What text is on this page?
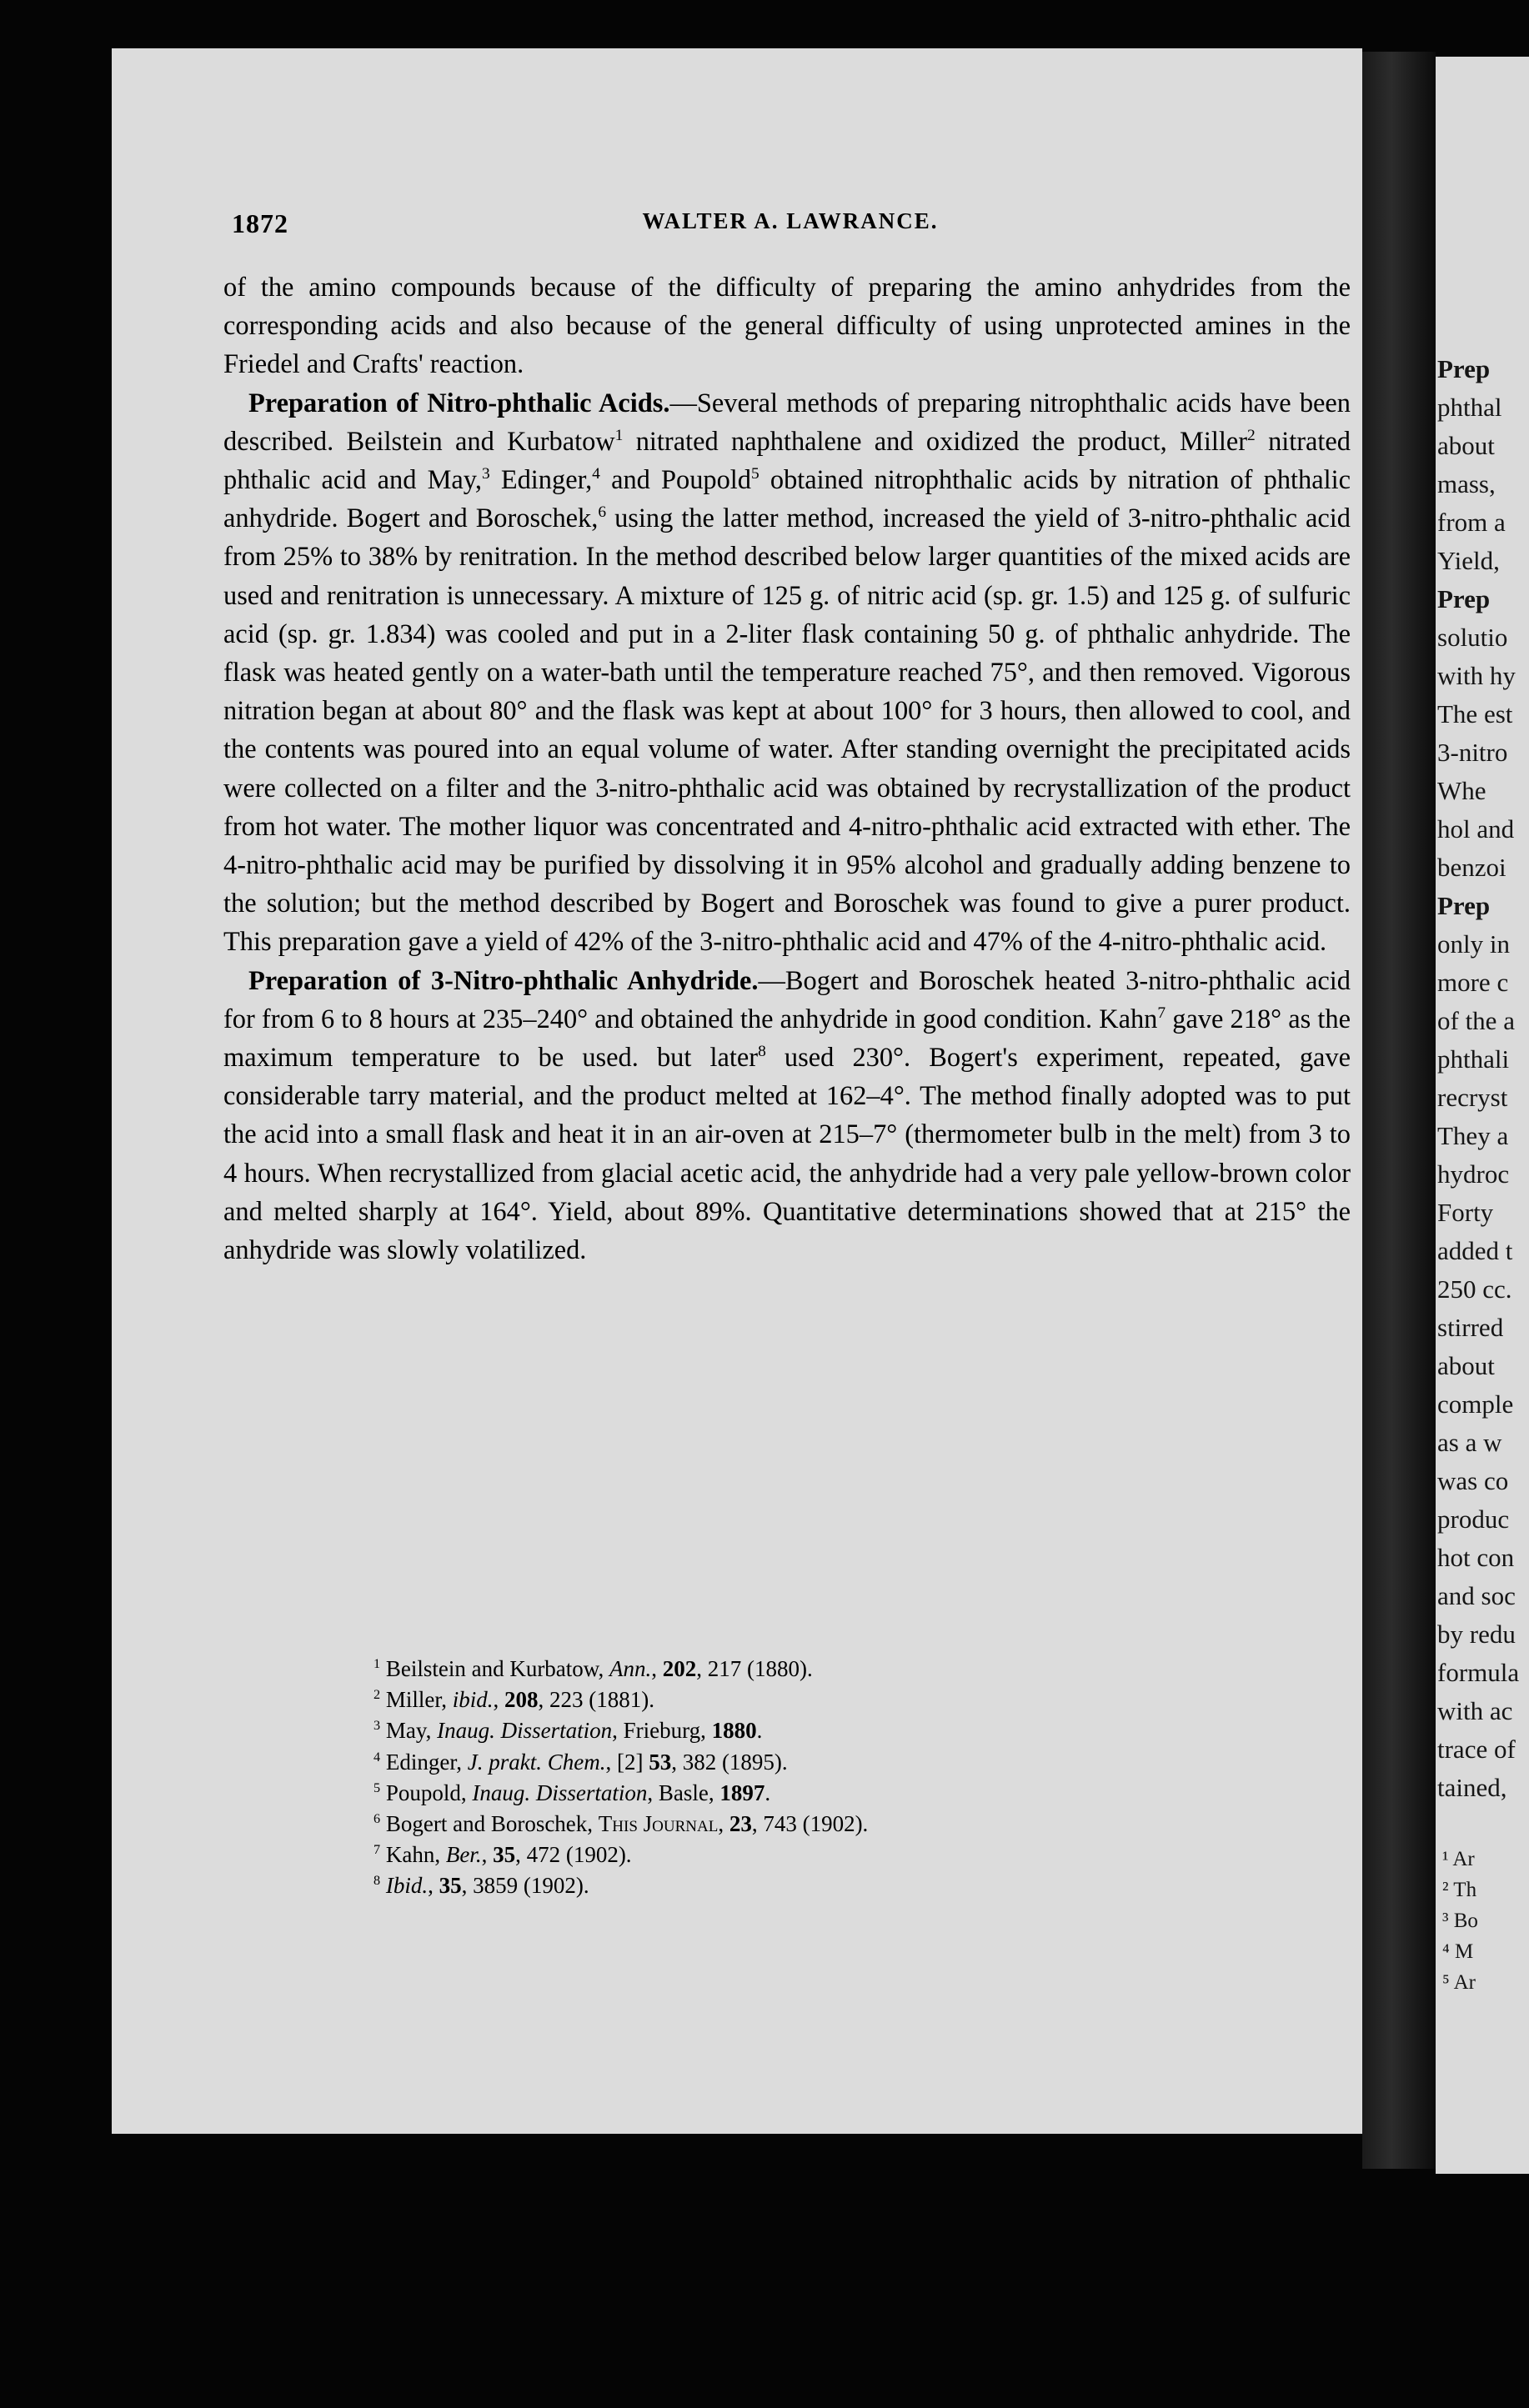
Prep
phthal
about
mass,
from a
Yield,
Prep
solutio
with hy
The est
3-nitro
Whe
hol and
benzoi
Prep
only in
more c
of the a
phthali
recryst
They a
hydroc
Forty
added t
250 cc.
stirred
about
comple
as a w
was co
produc
hot con
and soc
by redu
formula
with ac
trace of
tained,
¹ Ar
² Th
³ Bo
⁴ M
⁵ Ar
1872	WALTER A. LAWRANCE.

of the amino compounds because of the difficulty of preparing the amino anhydrides from the corresponding acids and also because of the general difficulty of using unprotected amines in the Friedel and Crafts' reaction.

Preparation of Nitro-phthalic Acids.—Several methods of preparing nitrophthalic acids have been described. Beilstein and Kurbatow$^1$ nitrated naphthalene and oxidized the product, Miller$^2$ nitrated phthalic acid and May,$^3$ Edinger,$^4$ and Poupold$^5$ obtained nitrophthalic acids by nitration of phthalic anhydride. Bogert and Boroschek,$^6$ using the latter method, increased the yield of 3-nitro-phthalic acid from 25% to 38% by renitration. In the method described below larger quantities of the mixed acids are used and renitration is unnecessary. A mixture of 125 g. of nitric acid (sp. gr. 1.5) and 125 g. of sulfuric acid (sp. gr. 1.834) was cooled and put in a 2-liter flask containing 50 g. of phthalic anhydride. The flask was heated gently on a water-bath until the temperature reached 75°, and then removed. Vigorous nitration began at about 80° and the flask was kept at about 100° for 3 hours, then allowed to cool, and the contents was poured into an equal volume of water. After standing overnight the precipitated acids were collected on a filter and the 3-nitro-phthalic acid was obtained by recrystallization of the product from hot water. The mother liquor was concentrated and 4-nitro-phthalic acid extracted with ether. The 4-nitro-phthalic acid may be purified by dissolving it in 95% alcohol and gradually adding benzene to the solution; but the method described by Bogert and Boroschek was found to give a purer product. This preparation gave a yield of 42% of the 3-nitro-phthalic acid and 47% of the 4-nitro-phthalic acid.

Preparation of 3-Nitro-phthalic Anhydride.—Bogert and Boroschek heated 3-nitro-phthalic acid for from 6 to 8 hours at 235–240° and obtained the anhydride in good condition. Kahn$^7$ gave 218° as the maximum temperature to be used. but later$^8$ used 230°. Bogert's experiment, repeated, gave considerable tarry material, and the product melted at 162–4°. The method finally adopted was to put the acid into a small flask and heat it in an air-oven at 215–7° (thermometer bulb in the melt) from 3 to 4 hours. When recrystallized from glacial acetic acid, the anhydride had a very pale yellow-brown color and melted sharply at 164°. Yield, about 89%. Quantitative determinations showed that at 215° the anhydride was slowly volatilized.

$^1$ Beilstein and Kurbatow, Ann., 202, 217 (1880).

$^2$ Miller, ibid., 208, 223 (1881).

$^3$ May, Inaug. Dissertation, Frieburg, 1880.

$^4$ Edinger, J. prakt. Chem., [2] 53, 382 (1895).

$^5$ Poupold, Inaug. Dissertation, Basle, 1897.

$^6$ Bogert and Boroschek, This Journal, 23, 743 (1902).

$^7$ Kahn, Ber., 35, 472 (1902).

$^8$ Ibid., 35, 3859 (1902).
